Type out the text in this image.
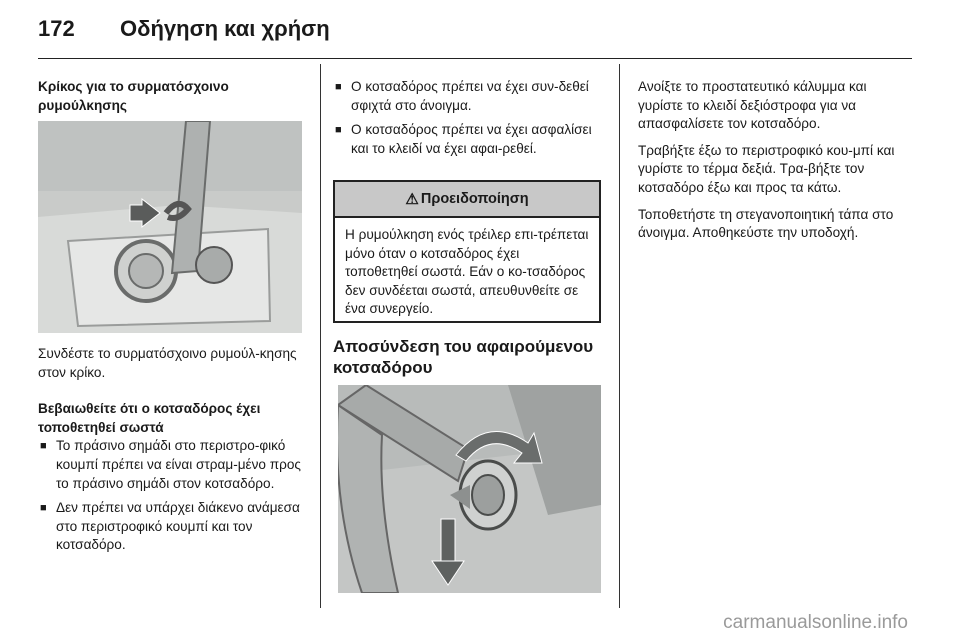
172 Οδήγηση και χρήση

Κρίκος για το συρματόσχοινο ρυμούλκησης

Συνδέστε το συρματόσχοινο ρυμούλ-κησης στον κρίκο.

Βεβαιωθείτε ότι ο κοτσαδόρος έχει τοποθετηθεί σωστά

■ Το πράσινο σημάδι στο περιστρο-φικό κουμπί πρέπει να είναι στραμ-μένο προς το πράσινο σημάδι στον κοτσαδόρο.

■ Δεν πρέπει να υπάρχει διάκενο ανάμεσα στο περιστροφικό κουμπί και τον κοτσαδόρο.

■ Ο κοτσαδόρος πρέπει να έχει συν-δεθεί σφιχτά στο άνοιγμα.

■ Ο κοτσαδόρος πρέπει να έχει ασφαλίσει και το κλειδί να έχει αφαι-ρεθεί.

⚠ Προειδοποίηση
Η ρυμούλκηση ενός τρέιλερ επι-τρέπεται μόνο όταν ο κοτσαδόρος έχει τοποθετηθεί σωστά. Εάν ο κο-τσαδόρος δεν συνδέεται σωστά, απευθυνθείτε σε ένα συνεργείο.

Αποσύνδεση του αφαιρούμενου κοτσαδόρου

Ανοίξτε το προστατευτικό κάλυμμα και γυρίστε το κλειδί δεξιόστροφα για να απασφαλίσετε τον κοτσαδόρο.

Τραβήξτε έξω το περιστροφικό κου-μπί και γυρίστε το τέρμα δεξιά. Τρα-βήξτε τον κοτσαδόρο έξω και προς τα κάτω.

Τοποθετήστε τη στεγανοποιητική τάπα στο άνοιγμα. Αποθηκεύστε την υποδοχή.

carmanualsonline.info
